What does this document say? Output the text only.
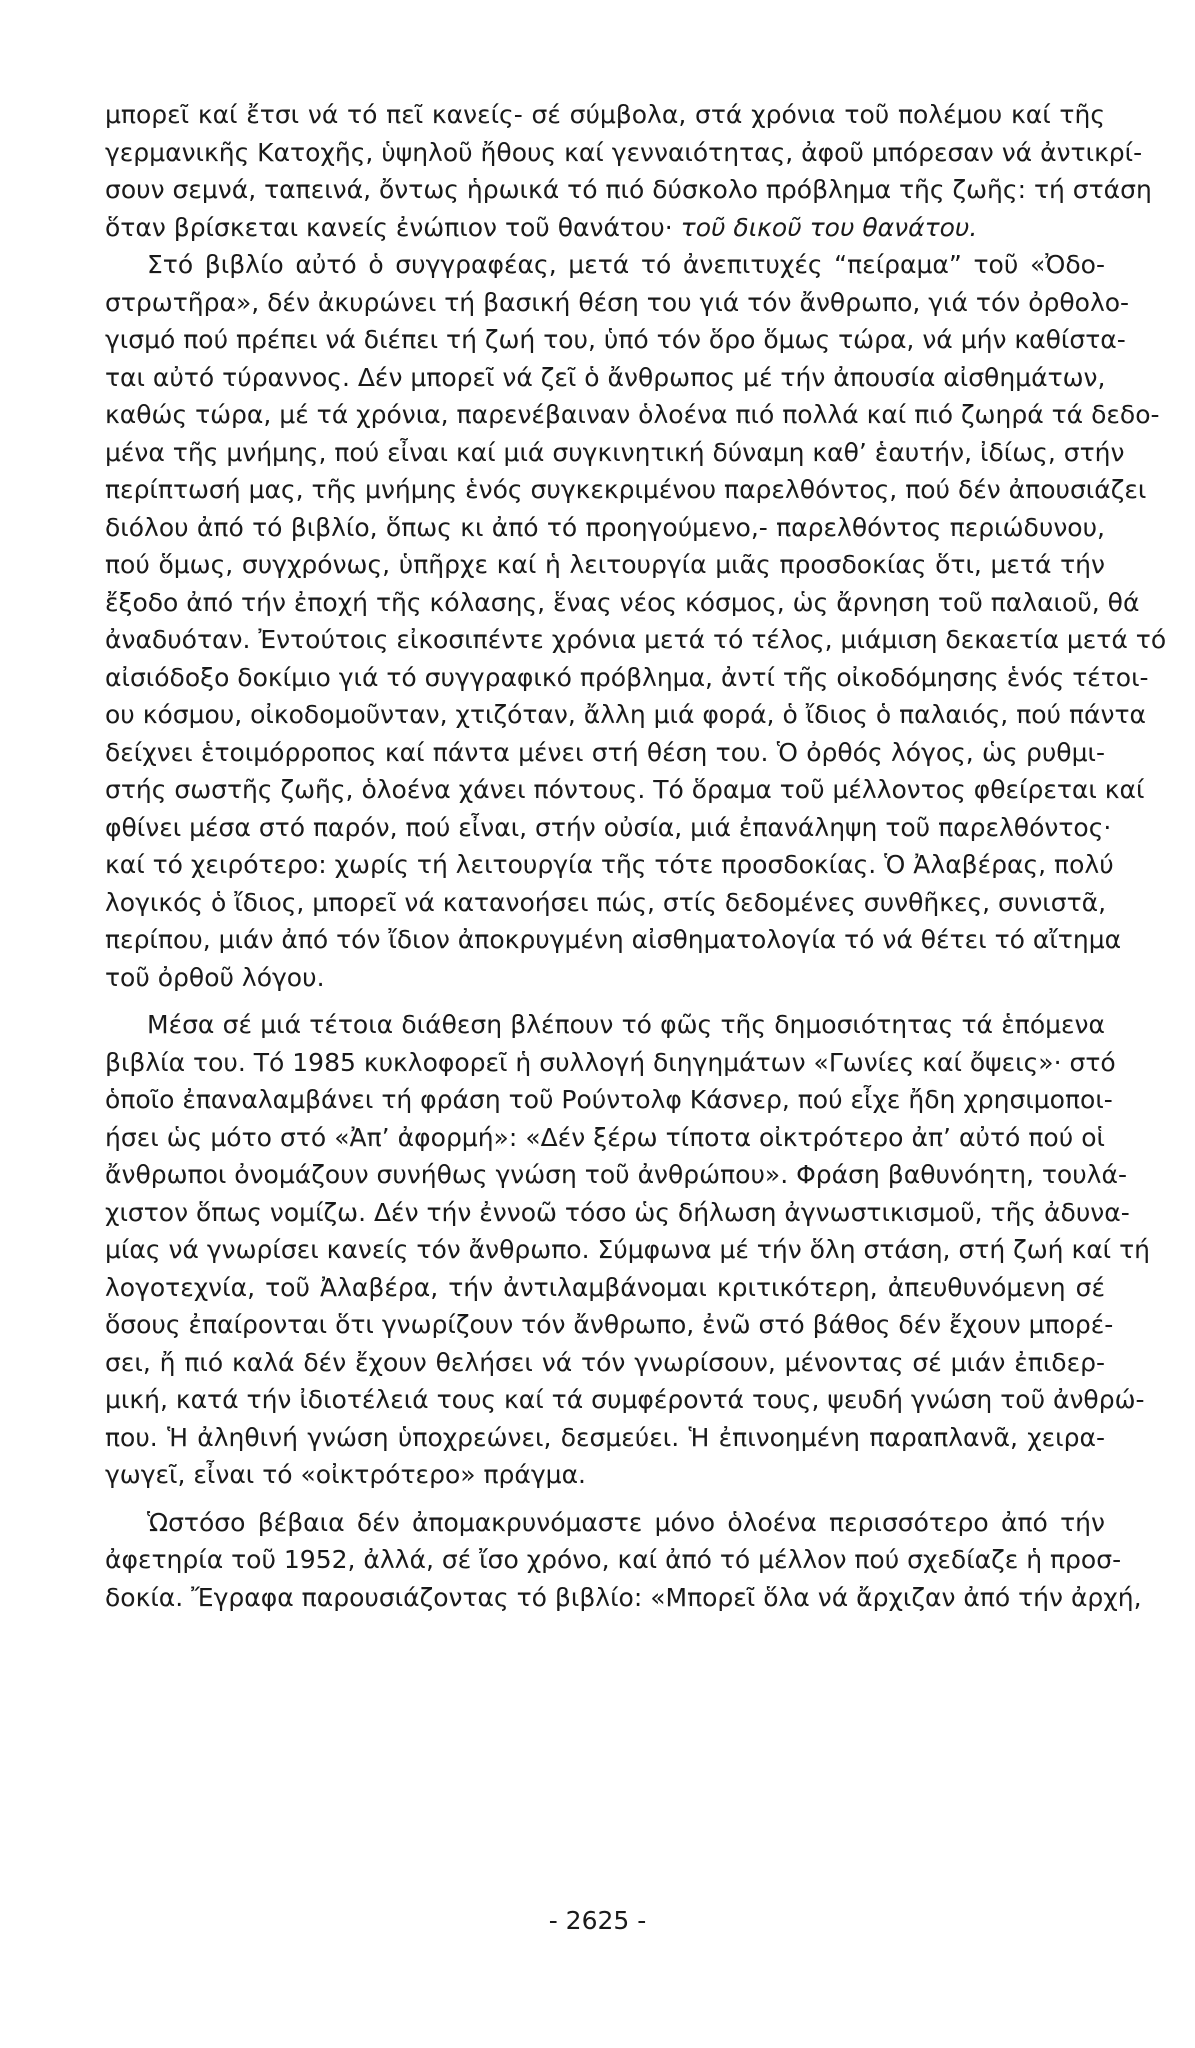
μπορεῖ καί ἔτσι νά τό πεῖ κανείς- σέ σύμβολα, στά χρόνια τοῦ πολέμου καί τῆς
γερμανικῆς Κατοχῆς, ὑψηλοῦ ἤθους καί γενναιότητας, ἀφοῦ μπόρεσαν νά ἀντικρί-
σουν σεμνά, ταπεινά, ὄντως ἡρωικά τό πιό δύσκολο πρόβλημα τῆς ζωῆς: τή στάση
ὅταν βρίσκεται κανείς ἐνώπιον τοῦ θανάτου· τοῦ δικοῦ του θανάτου.
Στό βιβλίο αὐτό ὁ συγγραφέας, μετά τό ἀνεπιτυχές “πείραμα” τοῦ «Ὀδο-
στρωτῆρα», δέν ἀκυρώνει τή βασική θέση του γιά τόν ἄνθρωπο, γιά τόν ὀρθολο-
γισμό πού πρέπει νά διέπει τή ζωή του, ὑπό τόν ὅρο ὅμως τώρα, νά μήν καθίστα-
ται αὐτό τύραννος. Δέν μπορεῖ νά ζεῖ ὁ ἄνθρωπος μέ τήν ἀπουσία αἰσθημάτων,
καθώς τώρα, μέ τά χρόνια, παρενέβαιναν ὁλοένα πιό πολλά καί πιό ζωηρά τά δεδο-
μένα τῆς μνήμης, πού εἶναι καί μιά συγκινητική δύναμη καθ’ ἑαυτήν, ἰδίως, στήν
περίπτωσή μας, τῆς μνήμης ἑνός συγκεκριμένου παρελθόντος, πού δέν ἀπουσιάζει
διόλου ἀπό τό βιβλίο, ὅπως κι ἀπό τό προηγούμενο,- παρελθόντος περιώδυνου,
πού ὅμως, συγχρόνως, ὑπῆρχε καί ἡ λειτουργία μιᾶς προσδοκίας ὅτι, μετά τήν
ἔξοδο ἀπό τήν ἐποχή τῆς κόλασης, ἕνας νέος κόσμος, ὡς ἄρνηση τοῦ παλαιοῦ, θά
ἀναδυόταν. Ἐντούτοις εἰκοσιπέντε χρόνια μετά τό τέλος, μιάμιση δεκαετία μετά τό
αἰσιόδοξο δοκίμιο γιά τό συγγραφικό πρόβλημα, ἀντί τῆς οἰκοδόμησης ἑνός τέτοι-
ου κόσμου, οἰκοδομοῦνταν, χτιζόταν, ἄλλη μιά φορά, ὁ ἴδιος ὁ παλαιός, πού πάντα
δείχνει ἑτοιμόρροπος καί πάντα μένει στή θέση του. Ὁ ὀρθός λόγος, ὡς ρυθμι-
στής σωστῆς ζωῆς, ὁλοένα χάνει πόντους. Τό ὅραμα τοῦ μέλλοντος φθείρεται καί
φθίνει μέσα στό παρόν, πού εἶναι, στήν οὐσία, μιά ἐπανάληψη τοῦ παρελθόντος·
καί τό χειρότερο: χωρίς τή λειτουργία τῆς τότε προσδοκίας. Ὁ Ἀλαβέρας, πολύ
λογικός ὁ ἴδιος, μπορεῖ νά κατανοήσει πώς, στίς δεδομένες συνθῆκες, συνιστᾶ,
περίπου, μιάν ἀπό τόν ἴδιον ἀποκρυγμένη αἰσθηματολογία τό νά θέτει τό αἴτημα
τοῦ ὀρθοῦ λόγου.
Μέσα σέ μιά τέτοια διάθεση βλέπουν τό φῶς τῆς δημοσιότητας τά ἑπόμενα
βιβλία του. Τό 1985 κυκλοφορεῖ ἡ συλλογή διηγημάτων «Γωνίες καί ὄψεις»· στό
ὁποῖο ἐπαναλαμβάνει τή φράση τοῦ Ρούντολφ Κάσνερ, πού εἶχε ἤδη χρησιμοποι-
ήσει ὡς μότο στό «Ἀπ’ ἀφορμή»: «Δέν ξέρω τίποτα οἰκτρότερο ἀπ’ αὐτό πού οἱ
ἄνθρωποι ὀνομάζουν συνήθως γνώση τοῦ ἀνθρώπου». Φράση βαθυνόητη, τουλά-
χιστον ὅπως νομίζω. Δέν τήν ἐννοῶ τόσο ὡς δήλωση ἀγνωστικισμοῦ, τῆς ἀδυνα-
μίας νά γνωρίσει κανείς τόν ἄνθρωπο. Σύμφωνα μέ τήν ὅλη στάση, στή ζωή καί τή
λογοτεχνία, τοῦ Ἀλαβέρα, τήν ἀντιλαμβάνομαι κριτικότερη, ἀπευθυνόμενη σέ
ὅσους ἐπαίρονται ὅτι γνωρίζουν τόν ἄνθρωπο, ἐνῶ στό βάθος δέν ἔχουν μπορέ-
σει, ἤ πιό καλά δέν ἔχουν θελήσει νά τόν γνωρίσουν, μένοντας σέ μιάν ἐπιδερ-
μική, κατά τήν ἰδιοτέλειά τους καί τά συμφέροντά τους, ψευδή γνώση τοῦ ἀνθρώ-
που. Ἡ ἀληθινή γνώση ὑποχρεώνει, δεσμεύει. Ἡ ἐπινοημένη παραπλανᾶ, χειρα-
γωγεῖ, εἶναι τό «οἰκτρότερο» πράγμα.
Ὡστόσο βέβαια δέν ἀπομακρυνόμαστε μόνο ὁλοένα περισσότερο ἀπό τήν
ἀφετηρία τοῦ 1952, ἀλλά, σέ ἴσο χρόνο, καί ἀπό τό μέλλον πού σχεδίαζε ἡ προσ-
δοκία. Ἔγραφα παρουσιάζοντας τό βιβλίο: «Μπορεῖ ὅλα νά ἄρχιζαν ἀπό τήν ἀρχή,
- 2625 -
